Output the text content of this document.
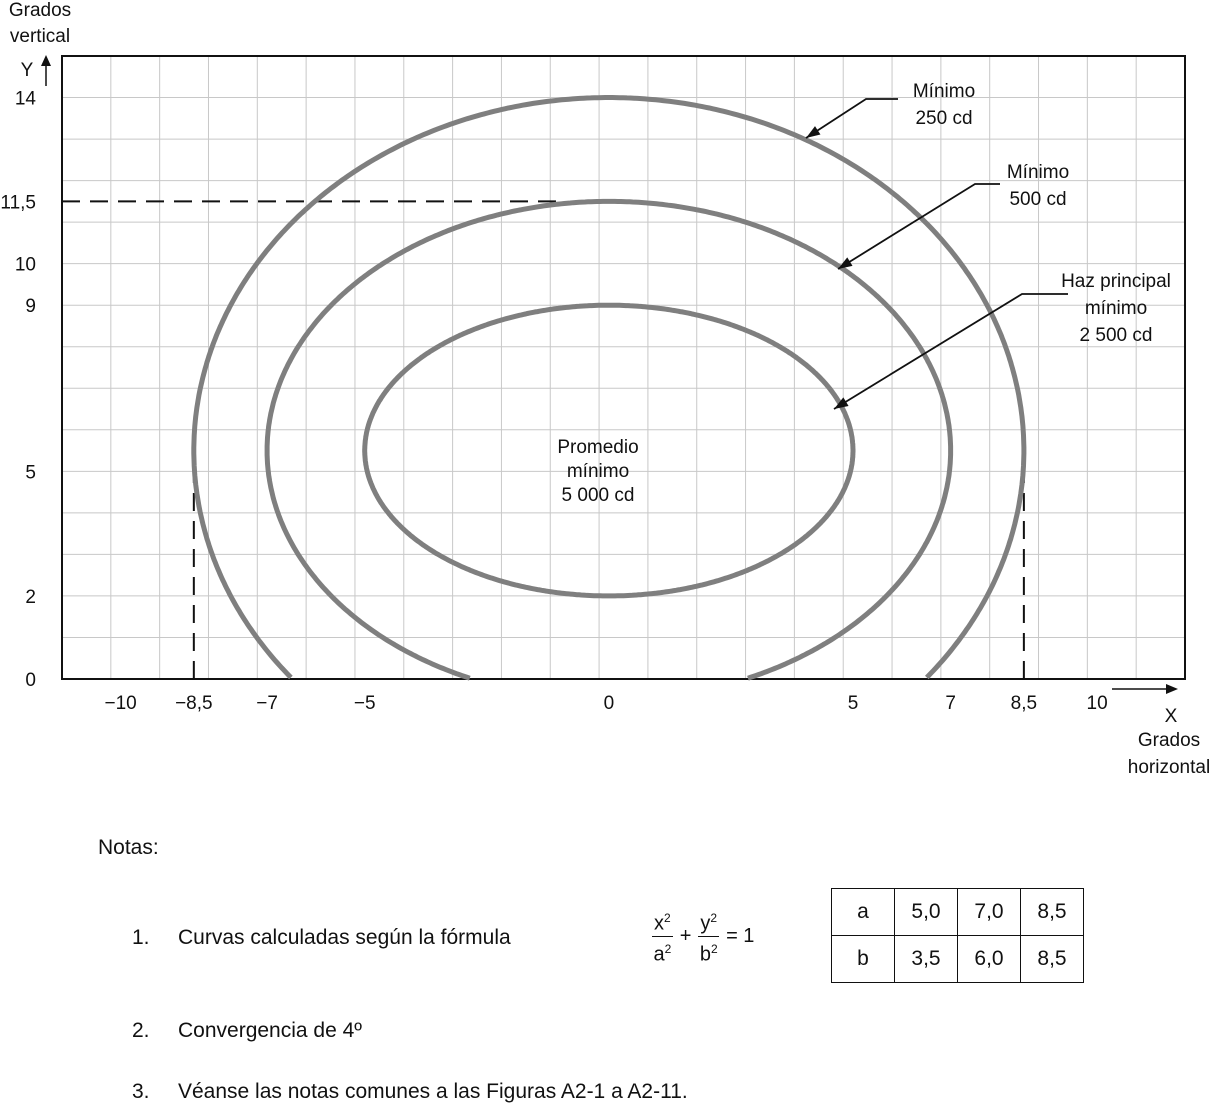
14
11,5
10
9
5
2
0
−10 −8,5 −7	−5	0	5	7	8,5	10
Grados
vertical
Y
X
Grados
horizontal
Promedio
mínimo
5 000 cd
Mínimo
250 cd
Mínimo
500 cd
Haz principal
mínimo
2 500 cd
Notas:
1. Curvas calculadas según la fórmula	$\frac{x^2}{a^2} + \frac{y^2}{b^2} = 1$
a	5,0	7,0	8,5
b	3,5	6,0	8,5
2. Convergencia de 4º
3. Véanse las notas comunes a las Figuras A2-1 a A2-11.
